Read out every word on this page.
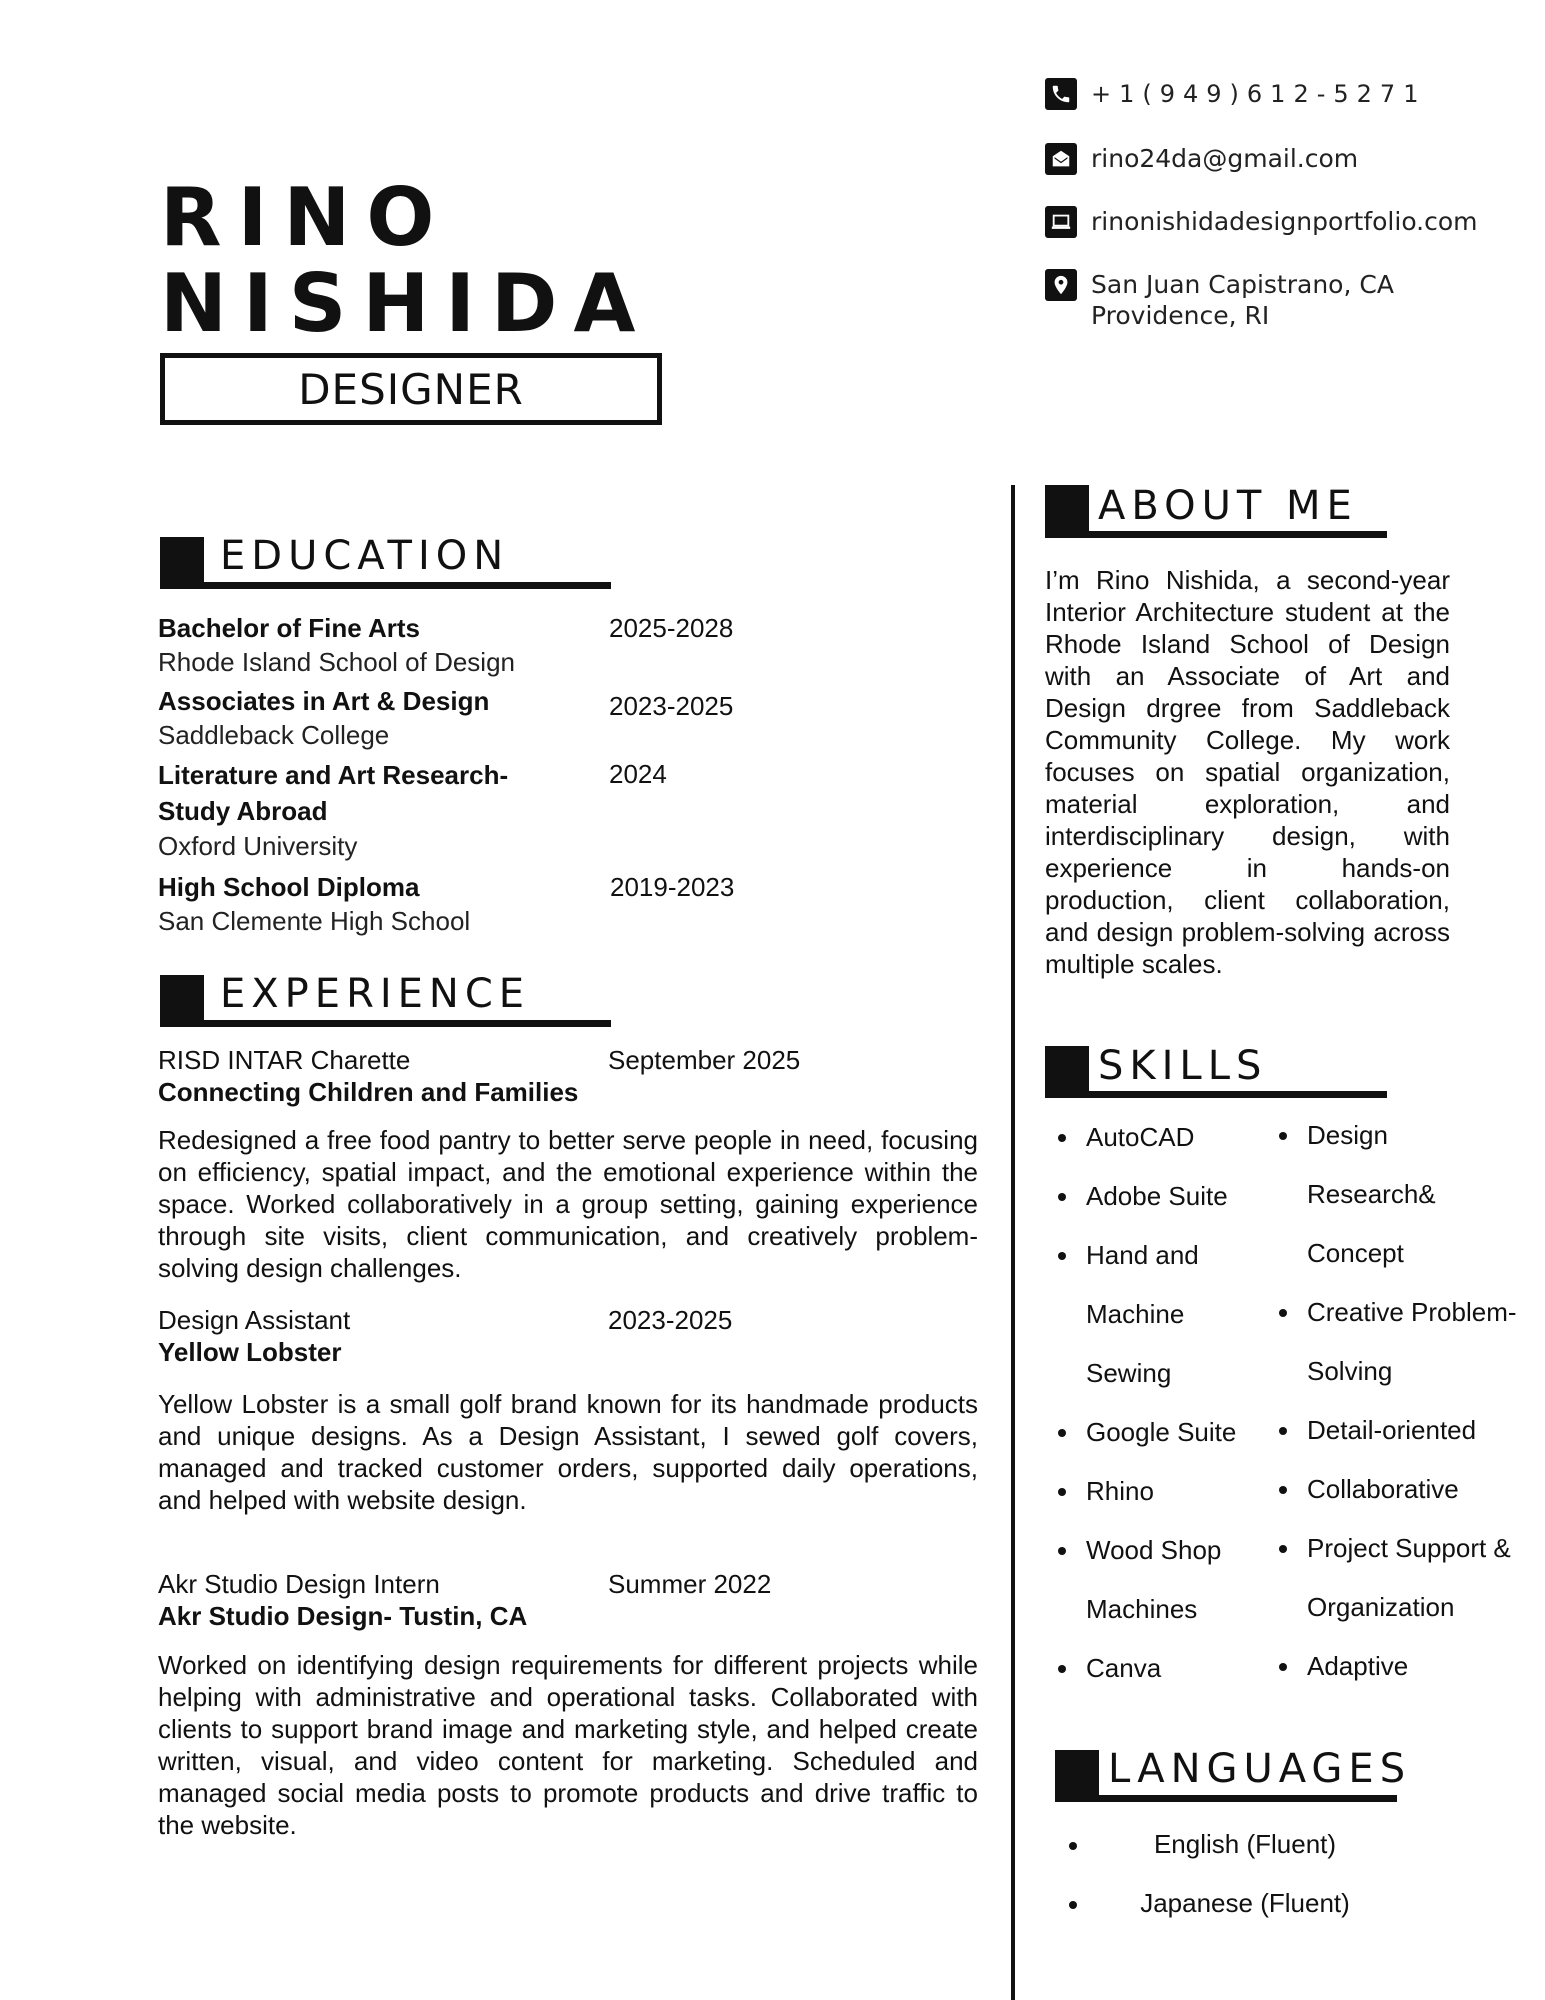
RINO
NISHIDA
DESIGNER
+1(949)612-5271
rino24da@gmail.com
rinonishidadesignportfolio.com
San Juan Capistrano, CA
Providence, RI
EDUCATION
Bachelor of Fine Arts
Rhode Island School of Design
2025-2028
Associates in Art & Design
Saddleback College
2023-2025
Literature and Art Research-
Study Abroad
Oxford University
2024
High School Diploma
San Clemente High School
2019-2023
EXPERIENCE
RISD INTAR Charette
Connecting Children and Families
September 2025
Redesigned a free food pantry to better serve people in need, focusing on efficiency, spatial impact, and the emotional experience within the space. Worked collaboratively in a group setting, gaining experience through site visits, client communication, and creatively problem-solving design challenges.
Design Assistant
Yellow Lobster
2023-2025
Yellow Lobster is a small golf brand known for its handmade products and unique designs. As a Design Assistant, I sewed golf covers, managed and tracked customer orders, supported daily operations, and helped with website design.
Akr Studio Design Intern
Akr Studio Design- Tustin, CA
Summer 2022
Worked on identifying design requirements for different projects while helping with administrative and operational tasks. Collaborated with clients to support brand image and marketing style, and helped create written, visual, and video content for marketing. Scheduled and managed social media posts to promote products and drive traffic to the website.
ABOUT ME
I’m Rino Nishida, a second-year Interior Architecture student at the Rhode Island School of Design with an Associate of Art and Design drgree from Saddleback Community College. My work focuses on spatial organization, material exploration, and interdisciplinary design, with experience in hands-on production, client collaboration, and design problem-solving across multiple scales.
SKILLS
AutoCAD
Adobe Suite
Hand and Machine Sewing
Google Suite
Rhino
Wood Shop Machines
Canva
Design Research& Concept
Creative Problem-Solving
Detail-oriented
Collaborative
Project Support & Organization
Adaptive
LANGUAGES
English (Fluent)
Japanese (Fluent)
